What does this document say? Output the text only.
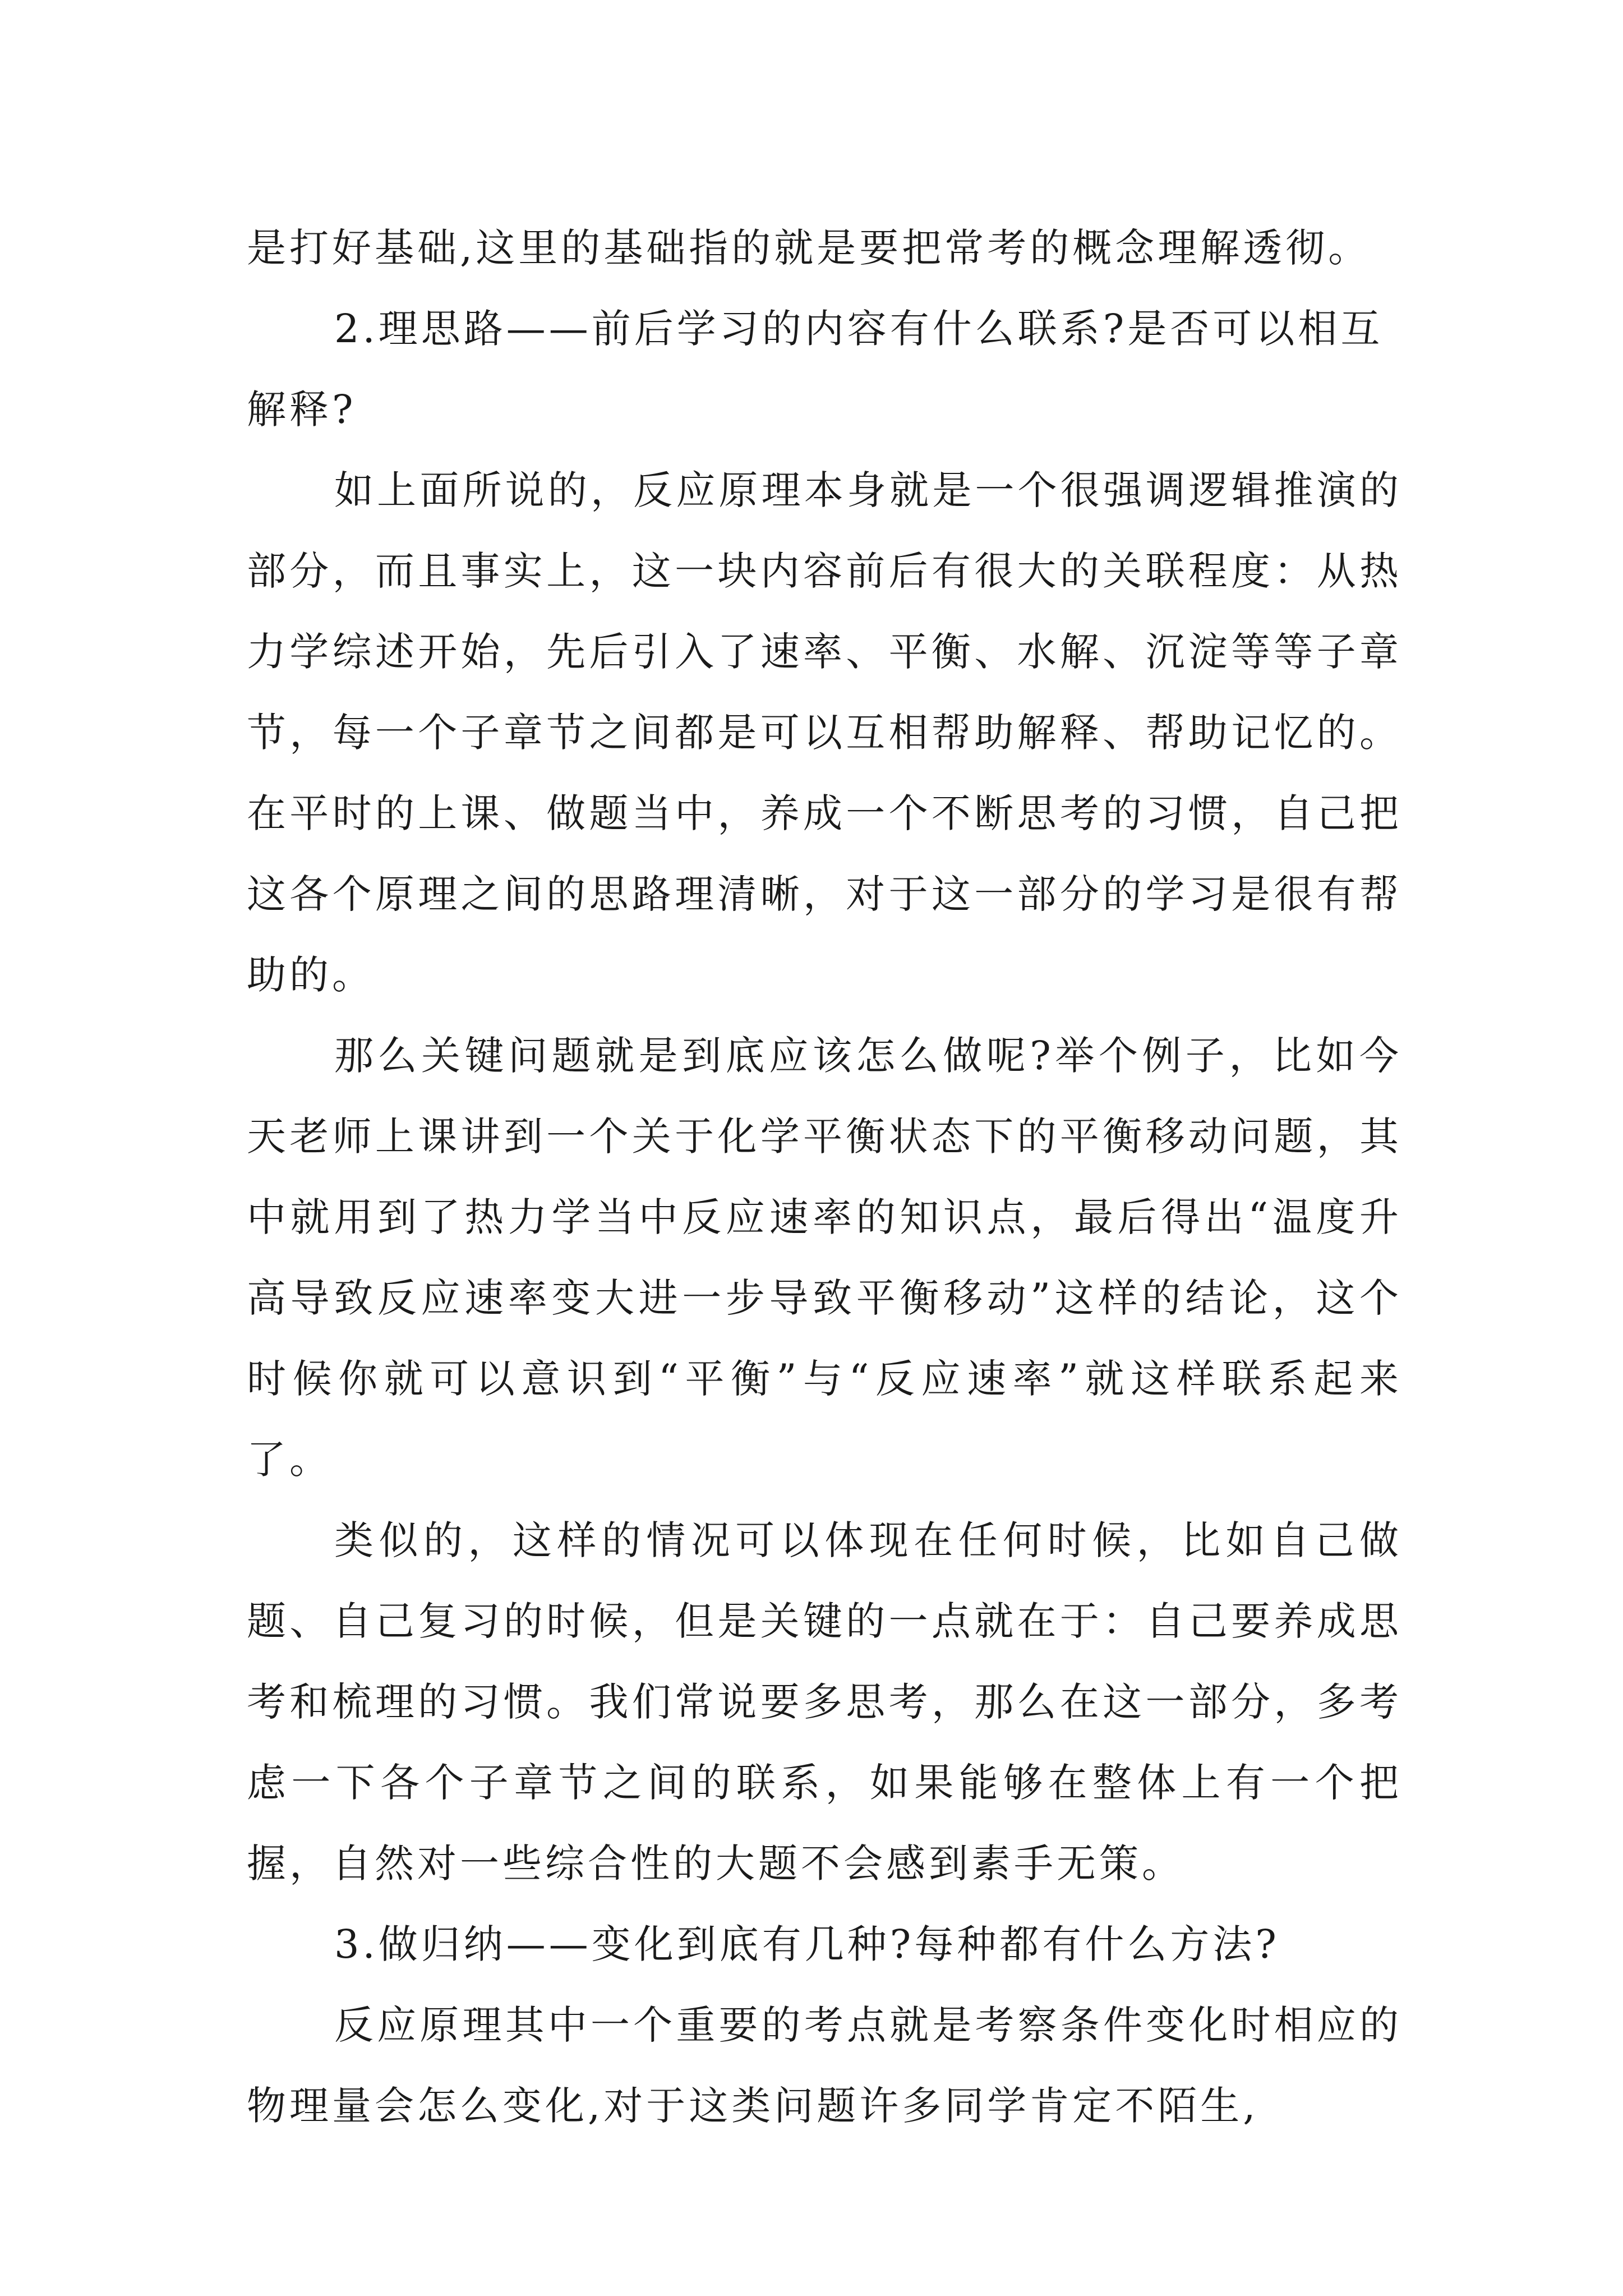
是打好基础,这里的基础指的就是要把常考的概念理解透彻。

2.理思路——前后学习的内容有什么联系?是否可以相互解释?

如上面所说的，反应原理本身就是一个很强调逻辑推演的部分，而且事实上，这一块内容前后有很大的关联程度：从热力学综述开始，先后引入了速率、平衡、水解、沉淀等等子章节，每一个子章节之间都是可以互相帮助解释、帮助记忆的。在平时的上课、做题当中，养成一个不断思考的习惯，自己把这各个原理之间的思路理清晰，对于这一部分的学习是很有帮助的。

那么关键问题就是到底应该怎么做呢?举个例子，比如今天老师上课讲到一个关于化学平衡状态下的平衡移动问题，其中就用到了热力学当中反应速率的知识点，最后得出“温度升高导致反应速率变大进一步导致平衡移动”这样的结论，这个时候你就可以意识到“平衡”与“反应速率”就这样联系起来了。

类似的，这样的情况可以体现在任何时候，比如自己做题、自己复习的时候，但是关键的一点就在于：自己要养成思考和梳理的习惯。我们常说要多思考，那么在这一部分，多考虑一下各个子章节之间的联系，如果能够在整体上有一个把握，自然对一些综合性的大题不会感到素手无策。

3.做归纳——变化到底有几种?每种都有什么方法?

反应原理其中一个重要的考点就是考察条件变化时相应的物理量会怎么变化,对于这类问题许多同学肯定不陌生,
